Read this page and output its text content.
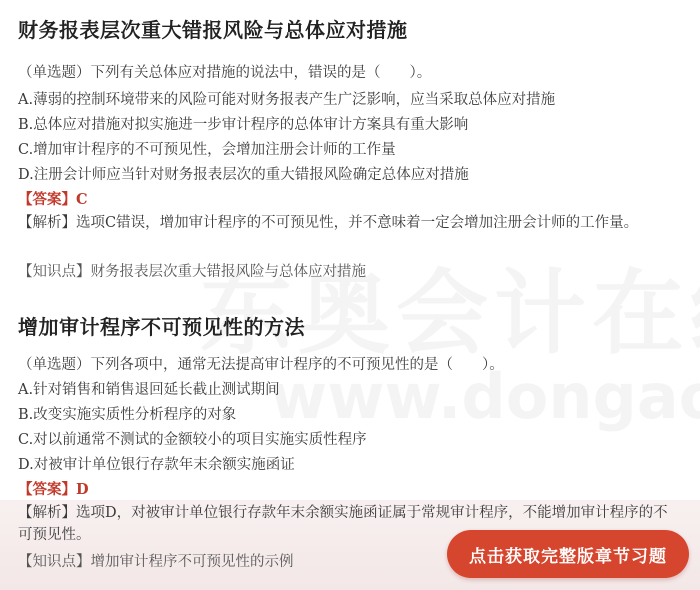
财务报表层次重大错报风险与总体应对措施
（单选题）下列有关总体应对措施的说法中，错误的是（　　）。
A.薄弱的控制环境带来的风险可能对财务报表产生广泛影响，应当采取总体应对措施
B.总体应对措施对拟实施进一步审计程序的总体审计方案具有重大影响
C.增加审计程序的不可预见性，会增加注册会计师的工作量
D.注册会计师应当针对财务报表层次的重大错报风险确定总体应对措施
【答案】C
【解析】选项C错误，增加审计程序的不可预见性，并不意味着一定会增加注册会计师的工作量。
【知识点】财务报表层次重大错报风险与总体应对措施
增加审计程序不可预见性的方法
（单选题）下列各项中，通常无法提高审计程序的不可预见性的是（　　）。
A.针对销售和销售退回延长截止测试期间
B.改变实施实质性分析程序的对象
C.对以前通常不测试的金额较小的项目实施实质性程序
D.对被审计单位银行存款年末余额实施函证
【答案】D
【解析】选项D，对被审计单位银行存款年末余额实施函证属于常规审计程序，不能增加审计程序的不可预见性。
【知识点】增加审计程序不可预见性的示例	点击获取完整版章节习题
